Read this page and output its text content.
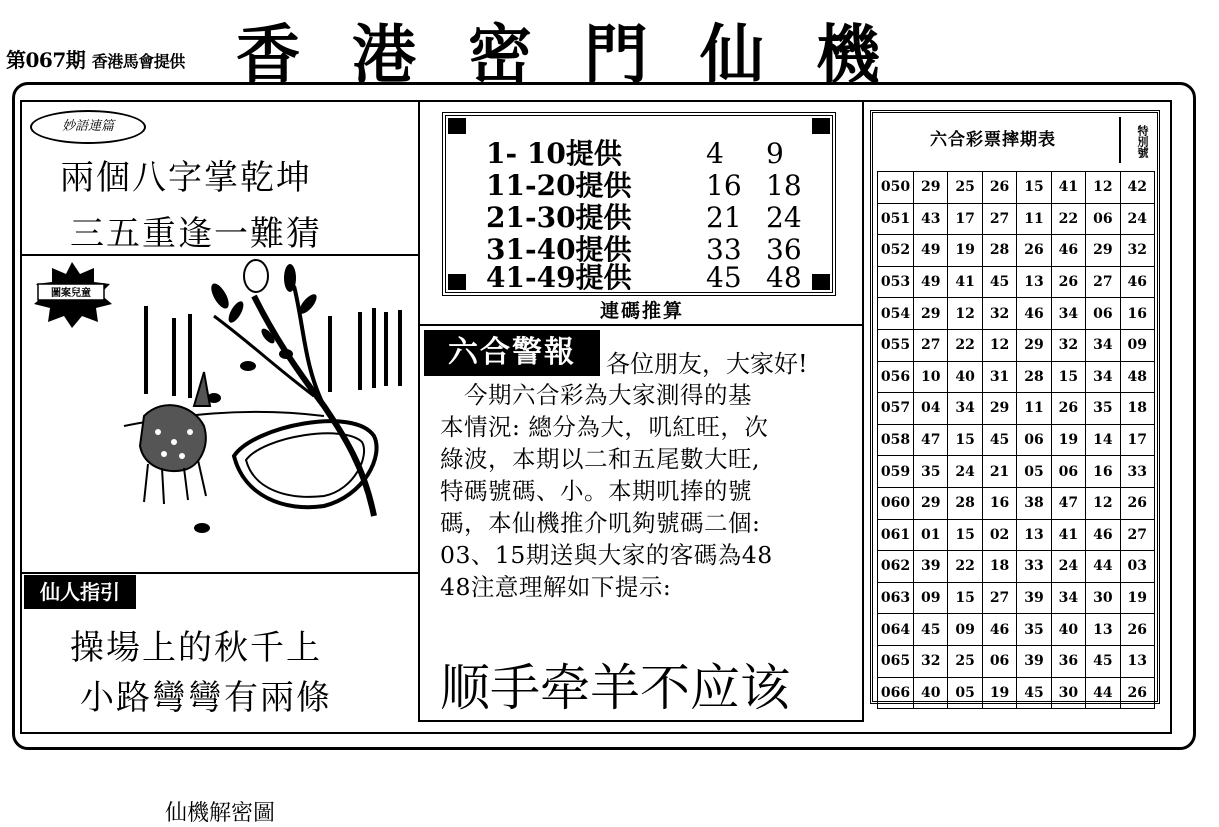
第067期 香港馬會提供 香港密門仙機
妙語連篇
兩個八字掌乾坤
三五重逢一難猜
圖案兒童
仙機解密圖
仙人指引
操場上的秋千上
小路彎彎有兩條
1- 10提供	4 9
11-20提供	16 18
21-30提供	21 24
31-40提供	33 36
41-49提供	45 48
連碼推算
六合警報	各位朋友，大家好!
　今期六合彩為大家測得的基
本情況: 總分為大，叽紅旺，次
綠波，本期以二和五尾數大旺,
特碼號碼、小。本期叽捧的號
碼，本仙機推介叽夠號碼二個:
03、15期送與大家的客碼為48
48注意理解如下提示:
顺手牵羊不应该
六合彩票摔期表	特別號
050	29	25	26	15	41	12	42
051	43	17	27	11	22	06	24
052	49	19	28	26	46	29	32
053	49	41	45	13	26	27	46
054	29	12	32	46	34	06	16
055	27	22	12	29	32	34	09
056	10	40	31	28	15	34	48
057	04	34	29	11	26	35	18
058	47	15	45	06	19	14	17
059	35	24	21	05	06	16	33
060	29	28	16	38	47	12	26
061	01	15	02	13	41	46	27
062	39	22	18	33	24	44	03
063	09	15	27	39	34	30	19
064	45	09	46	35	40	13	26
065	32	25	06	39	36	45	13
066	40	05	19	45	30	44	26
